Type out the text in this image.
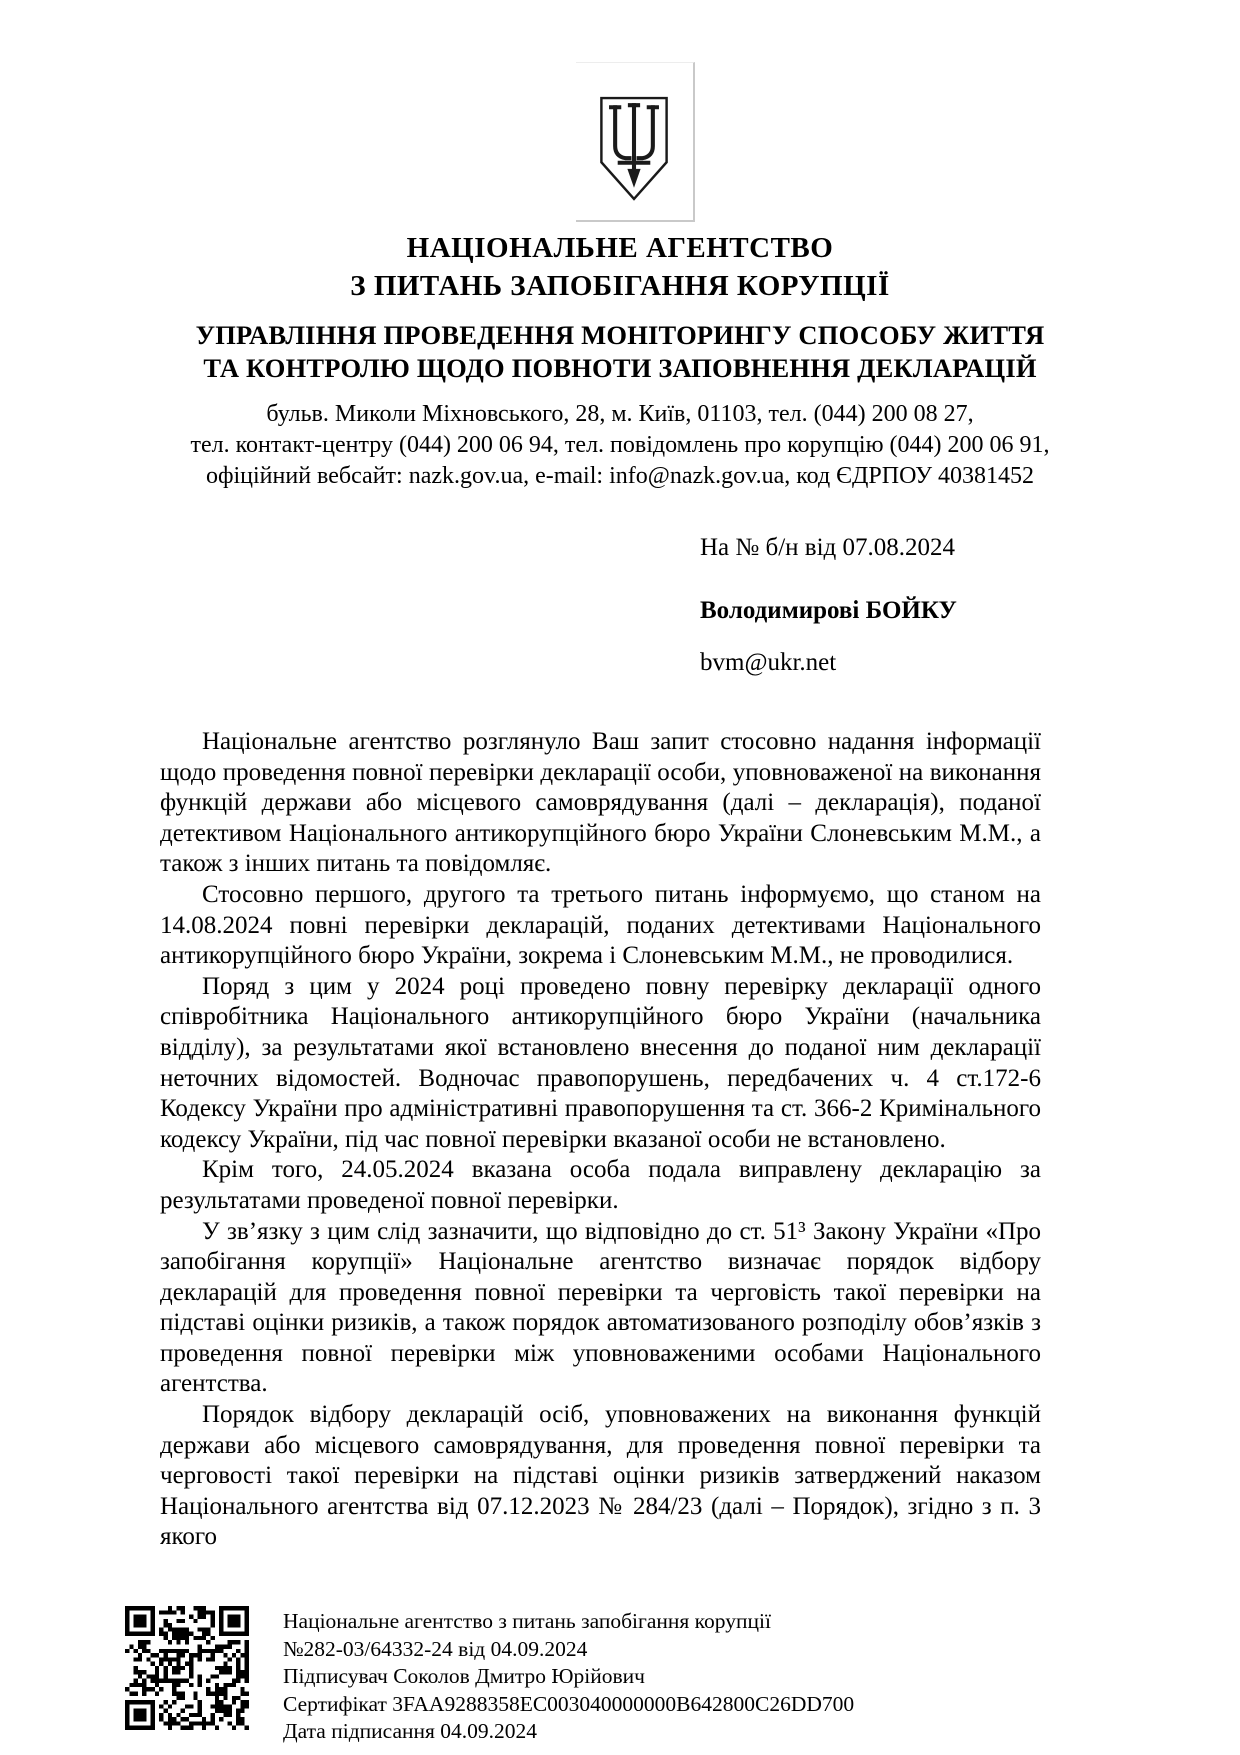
НАЦІОНАЛЬНЕ АГЕНТСТВО
З ПИТАНЬ ЗАПОБІГАННЯ КОРУПЦІЇ
УПРАВЛІННЯ ПРОВЕДЕННЯ МОНІТОРИНГУ СПОСОБУ ЖИТТЯ
ТА КОНТРОЛЮ ЩОДО ПОВНОТИ ЗАПОВНЕННЯ ДЕКЛАРАЦІЙ
бульв. Миколи Міхновського, 28, м. Київ, 01103, тел. (044) 200 08 27,
тел. контакт-центру (044) 200 06 94, тел. повідомлень про корупцію (044) 200 06 91,
офіційний вебсайт: nazk.gov.ua, e-mail: info@nazk.gov.ua, код ЄДРПОУ 40381452
На № б/н від 07.08.2024
Володимирові БОЙКУ
bvm@ukr.net

Національне агентство розглянуло Ваш запит стосовно надання інформації щодо проведення повної перевірки декларації особи, уповноваженої на виконання функцій держави або місцевого самоврядування (далі – декларація), поданої детективом Національного антикорупційного бюро України Слоневським М.М., а також з інших питань та повідомляє.

Стосовно першого, другого та третього питань інформуємо, що станом на 14.08.2024 повні перевірки декларацій, поданих детективами Національного антикорупційного бюро України, зокрема і Слоневським М.М., не проводилися.

Поряд з цим у 2024 році проведено повну перевірку декларації одного співробітника Національного антикорупційного бюро України (начальника відділу), за результатами якої встановлено внесення до поданої ним декларації неточних відомостей. Водночас правопорушень, передбачених ч. 4 ст.172-6 Кодексу України про адміністративні правопорушення та ст. 366-2 Кримінального кодексу України, під час повної перевірки вказаної особи не встановлено.

Крім того, 24.05.2024 вказана особа подала виправлену декларацію за результатами проведеної повної перевірки.

У зв’язку з цим слід зазначити, що відповідно до ст. 51³ Закону України «Про запобігання корупції» Національне агентство визначає порядок відбору декларацій для проведення повної перевірки та черговість такої перевірки на підставі оцінки ризиків, а також порядок автоматизованого розподілу обов’язків з проведення повної перевірки між уповноваженими особами Національного агентства.

Порядок відбору декларацій осіб, уповноважених на виконання функцій держави або місцевого самоврядування, для проведення повної перевірки та черговості такої перевірки на підставі оцінки ризиків затверджений наказом Національного агентства від 07.12.2023 № 284/23 (далі – Порядок), згідно з п. 3 якого

Національне агентство з питань запобігання корупції
№282-03/64332-24 від 04.09.2024
Підписувач Соколов Дмитро Юрійович
Сертифікат 3FAA9288358EC003040000000B642800C26DD700
Дата підписання 04.09.2024
